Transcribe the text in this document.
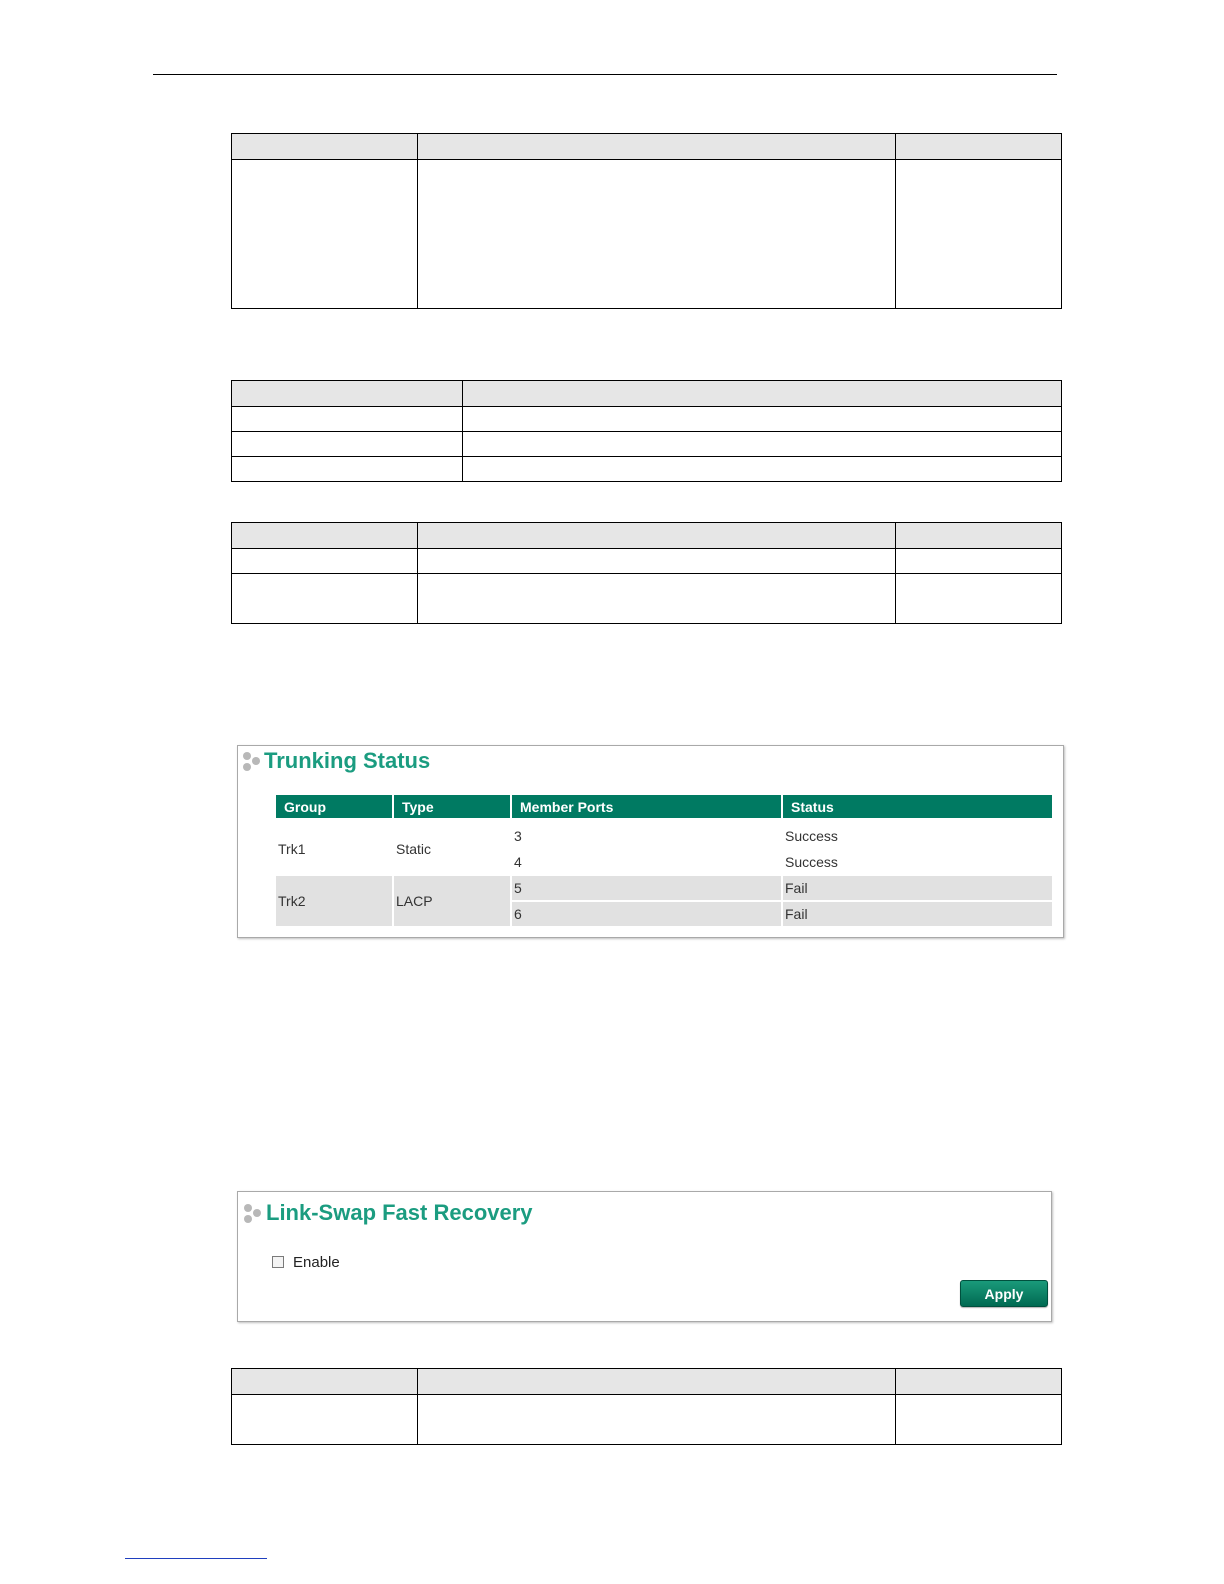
Trunking Status
Group	Type	Member Ports	Status

Trk1	Static	3	Success
		4	Success
Trk2	LACP	5	Fail
		6	Fail
Link-Swap Fast Recovery
Enable
Apply
